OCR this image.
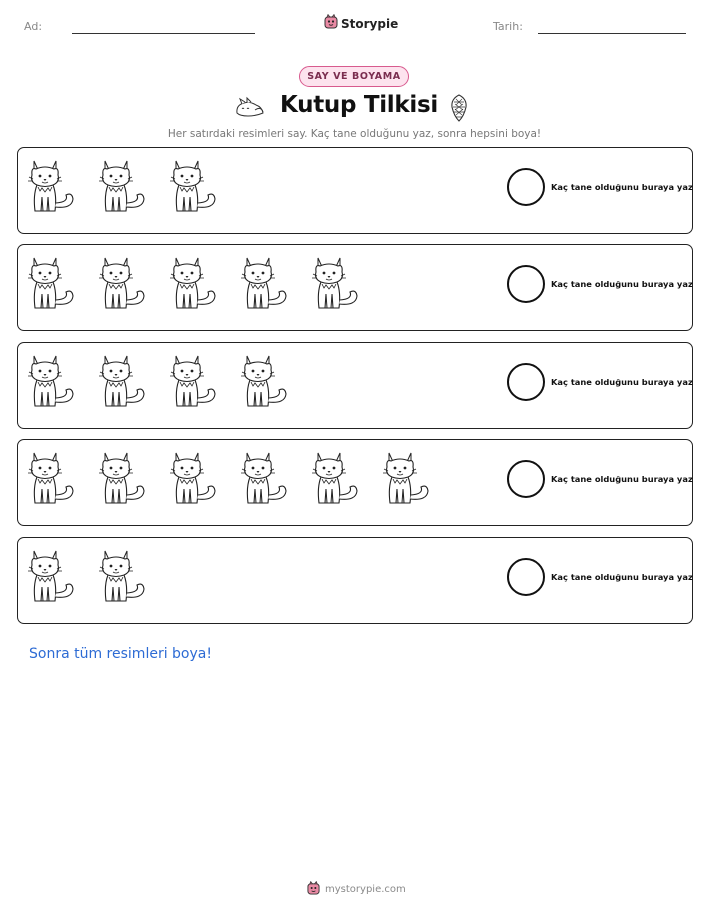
Ad:	Storypie	Tarih:
SAY VE BOYAMA
Kutup Tilkisi
Her satırdaki resimleri say. Kaç tane olduğunu yaz, sonra hepsini boya!
Kaç tane olduğunu buraya yaz
Kaç tane olduğunu buraya yaz
Kaç tane olduğunu buraya yaz
Kaç tane olduğunu buraya yaz
Kaç tane olduğunu buraya yaz
Sonra tüm resimleri boya!
mystorypie.com
